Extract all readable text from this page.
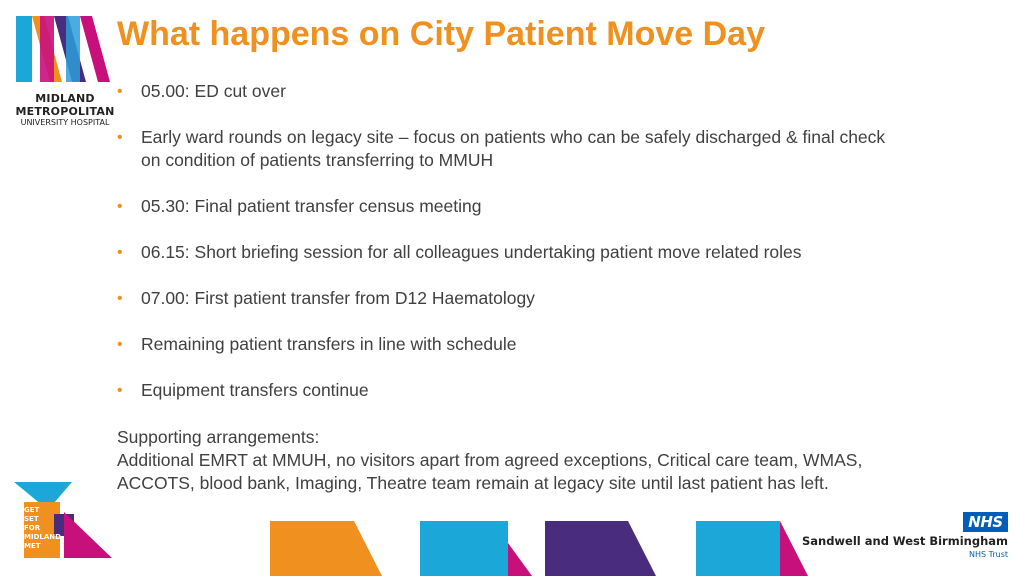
MIDLAND
METROPOLITAN
UNIVERSITY HOSPITAL
What happens on City Patient Move Day
• 05.00: ED cut over
• Early ward rounds on legacy site – focus on patients who can be safely discharged & final check on condition of patients transferring to MMUH
• 05.30: Final patient transfer census meeting
• 06.15: Short briefing session for all colleagues undertaking patient move related roles
• 07.00: First patient transfer from D12 Haematology
• Remaining patient transfers in line with schedule
• Equipment transfers continue

Supporting arrangements:

Additional EMRT at MMUH, no visitors apart from agreed exceptions, Critical care team, WMAS, ACCOTS, blood bank, Imaging, Theatre team remain at legacy site until last patient has left.

GET
SET
FOR
MIDLAND
MET
NHS
Sandwell and West Birmingham
NHS Trust
